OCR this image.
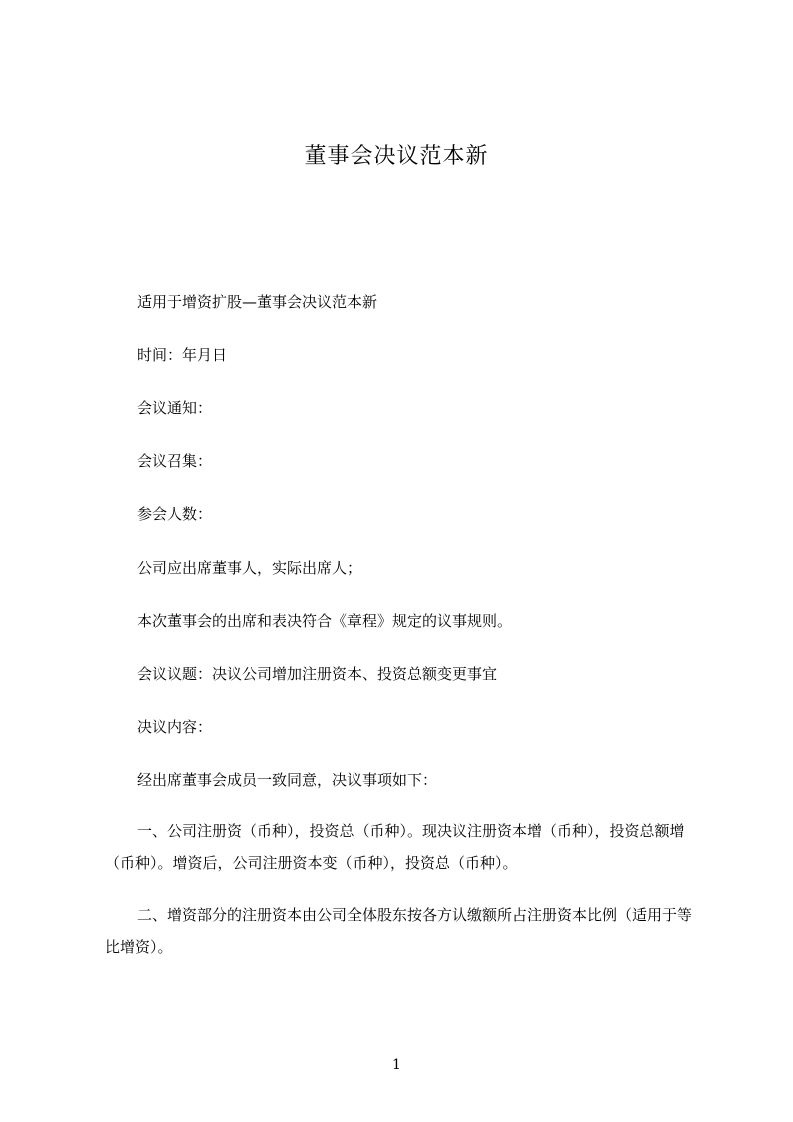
董事会决议范本新
适用于增资扩股—董事会决议范本新
时间：年月日
会议通知：
会议召集：
参会人数：
公司应出席董事人，实际出席人；
本次董事会的出席和表决符合《章程》规定的议事规则。
会议议题：决议公司增加注册资本、投资总额变更事宜
决议内容：
经出席董事会成员一致同意，决议事项如下：
一、公司注册资（币种），投资总（币种）。现决议注册资本增（币种），投资总额增（币种）。增资后，公司注册资本变（币种），投资总（币种）。
二、增资部分的注册资本由公司全体股东按各方认缴额所占注册资本比例（适用于等比增资）。
1
